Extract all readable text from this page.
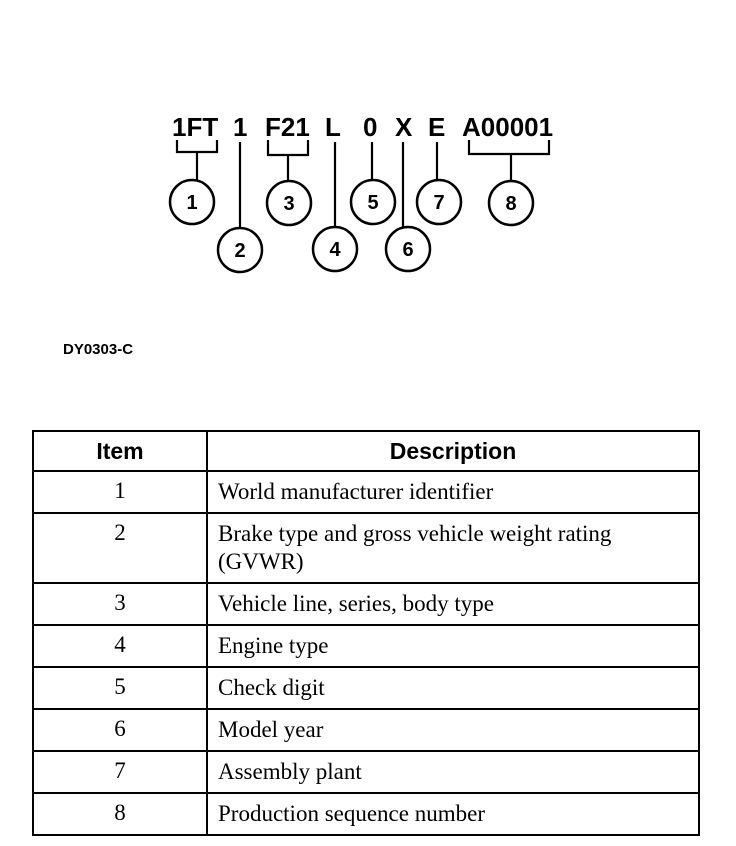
1FT 1 F21 L 0 X E A00001
1
2
3
4
5
6
7	8
DY0303-C
Item	Description
1	World manufacturer identifier
2	Brake type and gross vehicle weight rating (GVWR)
3	Vehicle line, series, body type
4	Engine type
5	Check digit
6	Model year
7	Assembly plant
8	Production sequence number
